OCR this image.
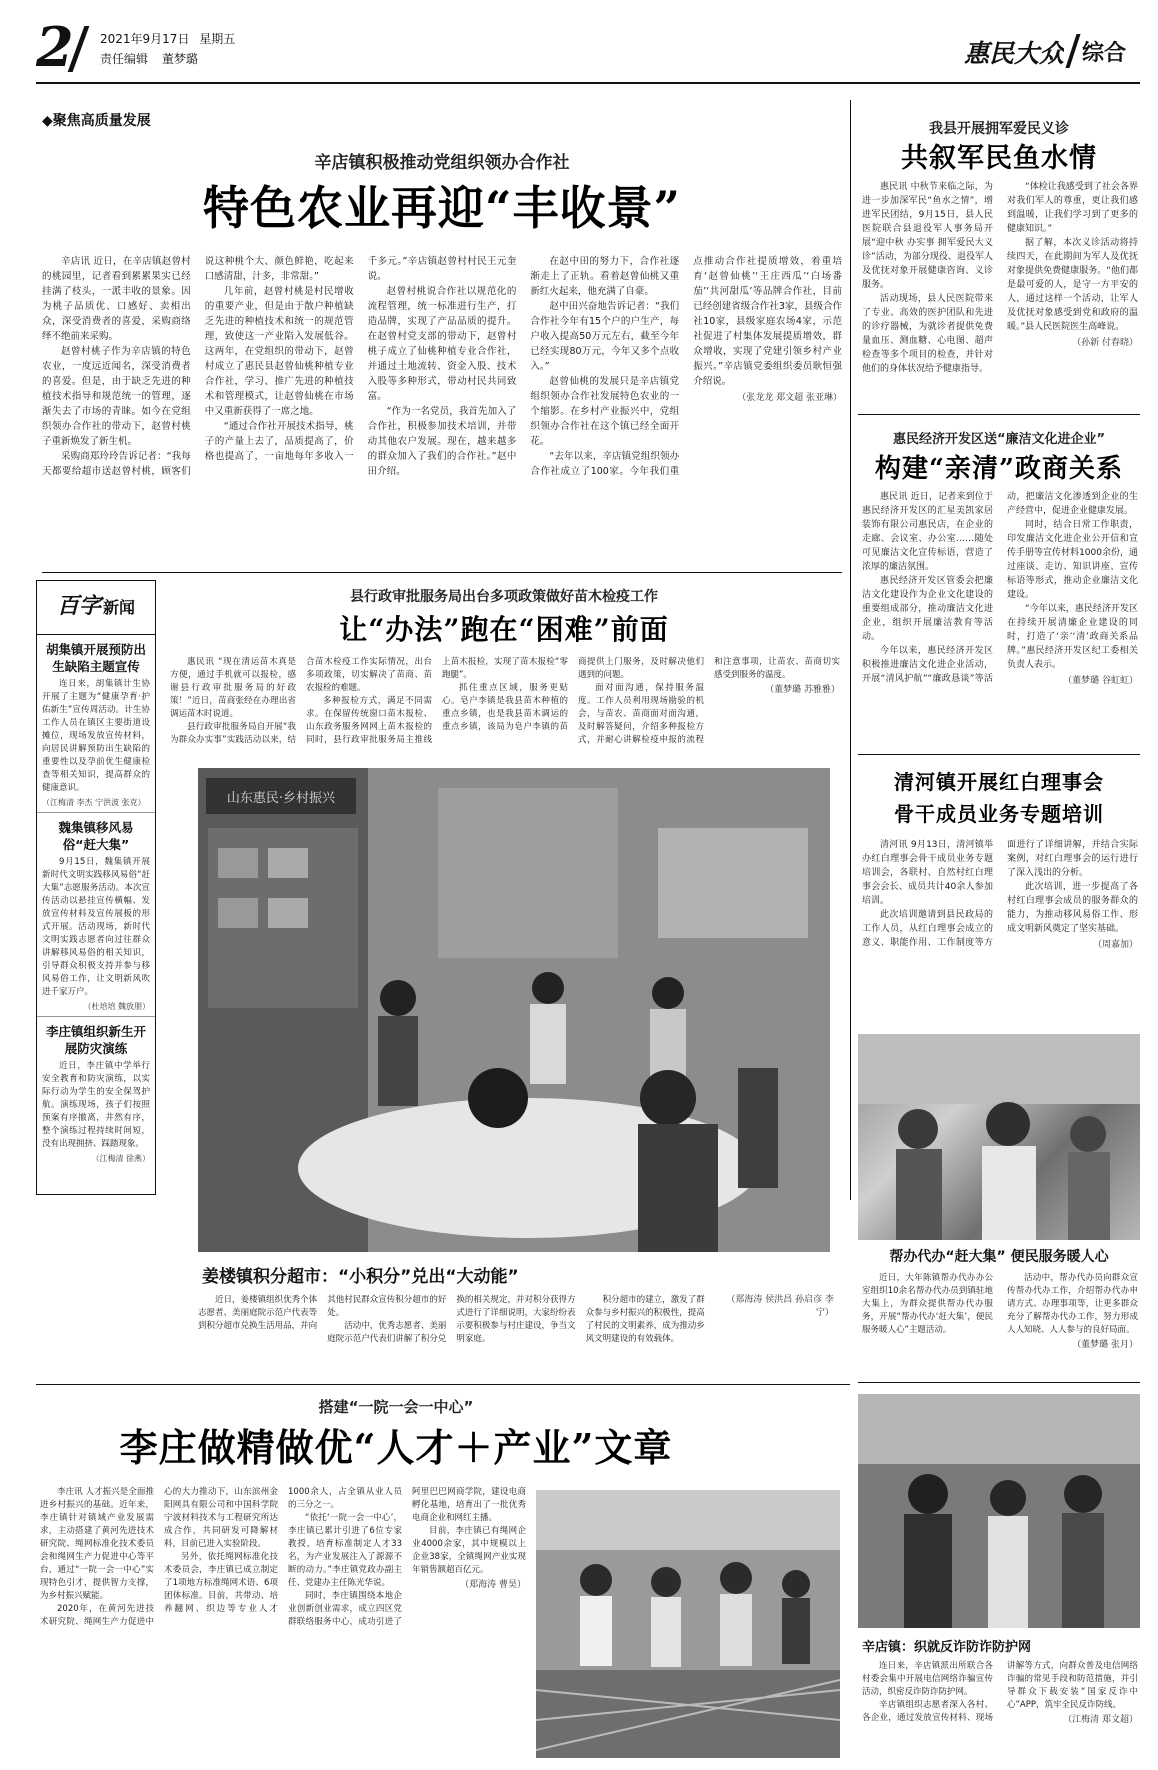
2	2021年9月17日 星期五
责任编辑 董梦璐	惠民大众 综合
◆聚焦高质量发展
辛店镇积极推动党组织领办合作社
特色农业再迎“丰收景”

辛店讯 近日，在辛店镇赵曾村的桃园里，记者看到累累果实已经挂满了枝头，一派丰收的景象。因为桃子品质优、口感好、卖相出众，深受消费者的喜爱，采购商络绎不绝前来采购。

赵曾村桃子作为辛店镇的特色农业，一度远近闻名，深受消费者的喜爱。但是，由于缺乏先进的种植技术指导和规范统一的管理，逐渐失去了市场的青睐。如今在党组织领办合作社的带动下，赵曾村桃子重新焕发了新生机。

采购商郑玲玲告诉记者：“我每天都要给超市送赵曾村桃，顾客们说这种桃个大、颜色鲜艳，吃起来口感清甜，汁多，非常甜。”

几年前，赵曾村桃是村民增收的重要产业，但是由于散户种植缺乏先进的种植技术和统一的规范管理，致使这一产业陷入发展低谷。这两年，在党组织的带动下，赵曾村成立了惠民县赵曾仙桃种植专业合作社，学习、推广先进的种植技术和管理模式，让赵曾仙桃在市场中又重新获得了一席之地。

“通过合作社开展技术指导，桃子的产量上去了，品质提高了，价格也提高了，一亩地每年多收入一千多元。”辛店镇赵曾村村民王元奎说。

赵曾村桃说合作社以规范化的流程管理，统一标准进行生产，打造品牌，实现了产品品质的提升。在赵曾村党支部的带动下，赵曾村桃子成立了仙桃种植专业合作社，并通过土地流转、资金入股、技术入股等多种形式，带动村民共同致富。

“作为一名党员，我首先加入了合作社，积极参加技术培训，并带动其他农户发展。现在，越来越多的群众加入了我们的合作社。”赵中田介绍。

在赵中田的努力下，合作社逐渐走上了正轨。看着赵曾仙桃又重新红火起来，他充满了自豪。

赵中田兴奋地告诉记者：“我们合作社今年有15个户的户生产，每户收入提高50万元左右，截至今年已经实现80万元，今年又多个点收入。”

赵曾仙桃的发展只是辛店镇党组织领办合作社发展特色农业的一个缩影。在乡村产业振兴中，党组织领办合作社在这个镇已经全面开花。

“去年以来，辛店镇党组织领办合作社成立了100家。今年我们重点推动合作社提质增效，着重培育‘赵曾仙桃’‘王庄西瓜’‘白场番茄’‘共河甜瓜’等品牌合作社，目前已经创建省级合作社3家，县级合作社10家，县级家庭农场4家，示范社促进了村集体发展提质增效，群众增收，实现了党建引领乡村产业振兴。”辛店镇党委组织委员耿恒强介绍说。

（张龙龙 郑文超 张亚琳）
我县开展拥军爱民义诊
共叙军民鱼水情

惠民讯 中秋节来临之际，为进一步加深军民“鱼水之情”，增进军民团结，9月15日，县人民医院联合县退役军人事务局开展“迎中秋 办实事 拥军爱民大义诊”活动，为部分现役、退役军人及优抚对象开展健康咨询、义诊服务。

活动现场，县人民医院带来了专业、高效的医护团队和先进的诊疗器械，为就诊者提供免费量血压、测血糖、心电图、超声检查等多个项目的检查，并针对他们的身体状况给予健康指导。

“体检让我感受到了社会各界对我们军人的尊重，更让我们感到温暖，让我们学习到了更多的健康知识。”

据了解，本次义诊活动将持续四天，在此期间为军人及优抚对象提供免费健康服务。“他们都是最可爱的人，是守一方平安的人，通过这样一个活动，让军人及优抚对象感受到党和政府的温暖。”县人民医院医生高峰说。

（孙新 付春晓）
惠民经济开发区送“廉洁文化进企业”
构建“亲清”政商关系

惠民讯 近日，记者来到位于惠民经济开发区的汇星美凯家居装饰有限公司惠民店，在企业的走廊、会议室、办公室……随处可见廉洁文化宣传标语，营造了浓厚的廉洁氛围。

惠民经济开发区管委会把廉洁文化建设作为企业文化建设的重要组成部分，推动廉洁文化进企业，组织开展廉洁教育等活动。

今年以来，惠民经济开发区积极推进廉洁文化进企业活动，开展“清风护航”“廉政恳谈”等活动，把廉洁文化渗透到企业的生产经营中，促进企业健康发展。

同时，结合日常工作职责，印发廉洁文化进企业公开信和宣传手册等宣传材料1000余份，通过座谈、走访、知识讲座、宣传标语等形式，推动企业廉洁文化建设。

“今年以来，惠民经济开发区在持续开展清廉企业建设的同时，打造了‘亲’‘清’政商关系品牌。”惠民经济开发区纪工委相关负责人表示。

（董梦璐 谷虹虹）
清河镇开展红白理事会
骨干成员业务专题培训

清河讯 9月13日，清河镇举办红白理事会骨干成员业务专题培训会，各联村、自然村红白理事会会长、成员共计40余人参加培训。

此次培训邀请到县民政局的工作人员，从红白理事会成立的意义、职能作用、工作制度等方面进行了详细讲解，并结合实际案例，对红白理事会的运行进行了深入浅出的分析。

此次培训，进一步提高了各村红白理事会成员的服务群众的能力，为推动移风易俗工作、形成文明新风奠定了坚实基础。

（周嘉加）
帮办代办“赶大集” 便民服务暖人心

近日，大年陈镇帮办代办办公室组织10余名帮办代办员到镇驻地大集上，为群众提供帮办代办服务，开展“帮办代办‘赶大集’，便民服务暖人心”主题活动。

活动中，帮办代办员向群众宣传帮办代办工作，介绍帮办代办申请方式、办理事项等，让更多群众充分了解帮办代办工作，努力形成人人知晓、人人参与的良好局面。

（董梦璐 张月）
百字 新闻
胡集镇开展预防出生缺陷主题宣传

连日来，胡集镇计生协开展了主题为“健康孕育·护佑新生”宣传周活动。计生协工作人员在镇区主要街道设摊位，现场发放宣传材料，向居民讲解预防出生缺陷的重要性以及孕前优生健康检查等相关知识，提高群众的健康意识。

（江梅清 李杰 宁洪波 张克）
魏集镇移风易俗“赶大集”

9月15日，魏集镇开展新时代文明实践移风易俗“赶大集”志愿服务活动。本次宣传活动以悬挂宣传横幅、发放宣传材料及宣传展板的形式开展。活动现场，新时代文明实践志愿者向过往群众讲解移风易俗的相关知识，引导群众积极支持并参与移风易俗工作，让文明新风吹进千家万户。

（杜培培 魏放朋）
李庄镇组织新生开展防灾演练

近日，李庄镇中学举行安全教育和防灾演练，以实际行动为学生的安全保驾护航。演练现场，孩子们按照预案有序撤离，井然有序，整个演练过程持续时间短，没有出现拥挤、踩踏现象。

（江梅清 徐燕）
县行政审批服务局出台多项政策做好苗木检疫工作
让“办法”跑在“困难”前面

惠民讯 “现在清运苗木真是方便，通过手机就可以报检，感谢县行政审批服务局的好政策！”近日，苗商张经在办理出省调运苗木时说道。

县行政审批服务局自开展“我为群众办实事”实践活动以来，结合苗木检疫工作实际情况，出台多项政策，切实解决了苗商、苗农报检的难题。

多种报检方式，满足不同需求。在保留传统窗口苗木报检、山东政务服务网网上苗木报检的同时，县行政审批服务局主推线上苗木报检，实现了苗木报检“零跑腿”。

抓住重点区域，服务更贴心。皂户李镇是我县苗木种植的重点乡镇，也是我县苗木调运的重点乡镇，该局为皂户李镇的苗商提供上门服务，及时解决他们遇到的问题。

面对面沟通，保持服务温度。工作人员利用现场勘验的机会，与苗农、苗商面对面沟通，及时解答疑问，介绍多种报检方式，并耐心讲解检疫申报的流程和注意事项，让苗农、苗商切实感受到服务的温度。

（董梦璐 苏雅雅）
山东惠民·乡村振兴
姜楼镇积分超市：“小积分”兑出“大动能”

近日，姜楼镇组织优秀个体志愿者、美丽庭院示范户代表等到积分超市兑换生活用品，并向其他村民群众宣传积分超市的好处。

活动中，优秀志愿者、美丽庭院示范户代表们讲解了积分兑换的相关规定，并对积分获得方式进行了详细说明，大家纷纷表示要积极参与村庄建设，争当文明家庭。

积分超市的建立，激发了群众参与乡村振兴的积极性，提高了村民的文明素养，成为推动乡风文明建设的有效载体。

（郑海涛 侯洪昌 孙启彦 李宁）
搭建“一院一会一中心”
李庄做精做优“人才＋产业”文章

李庄讯 人才振兴是全面推进乡村振兴的基础。近年来，李庄镇针对镇域产业发展需求，主动搭建了黄河先进技术研究院、绳网标准化技术委员会和绳网生产力促进中心等平台，通过“一院一会一中心”实现特色引才，提供智力支撑，为乡村振兴赋能。

2020年，在黄河先进技术研究院、绳网生产力促进中心的大力推动下，山东滨州金阳网具有限公司和中国科学院宁波材料技术与工程研究所达成合作，共同研发可降解材料，目前已进入实验阶段。

另外，依托绳网标准化技术委员会，李庄镇已成立制定了1项地方标准绳网术语、6项团体标准。目前，共带动、培养翻网、织边等专业人才1000余人，占全镇从业人员的三分之一。

“依托‘一院一会一中心’，李庄镇已累计引进了6位专家教授，培育标准制定人才33名，为产业发展注入了源源不断的动力。”李庄镇党政办副主任、党建办主任陈光华说。

同时，李庄镇围绕本地企业创新创业需求，成立四区党群联络服务中心，成功引进了阿里巴巴网商学院，建设电商孵化基地，培育出了一批优秀电商企业和网红主播。

目前，李庄镇已有绳网企业4000余家，其中规模以上企业38家，全镇绳网产业实现年销售额超百亿元。

（郑海涛 曹昊）
辛店镇：织就反诈防诈防护网

连日来，辛店镇派出所联合各村委会集中开展电信网络诈骗宣传活动，织密反诈防诈防护网。

辛店镇组织志愿者深入各村、各企业，通过发放宣传材料、现场讲解等方式，向群众普及电信网络诈骗的常见手段和防范措施，并引导群众下载安装“国家反诈中心”APP，筑牢全民反诈防线。

（江梅清 郑文超）
